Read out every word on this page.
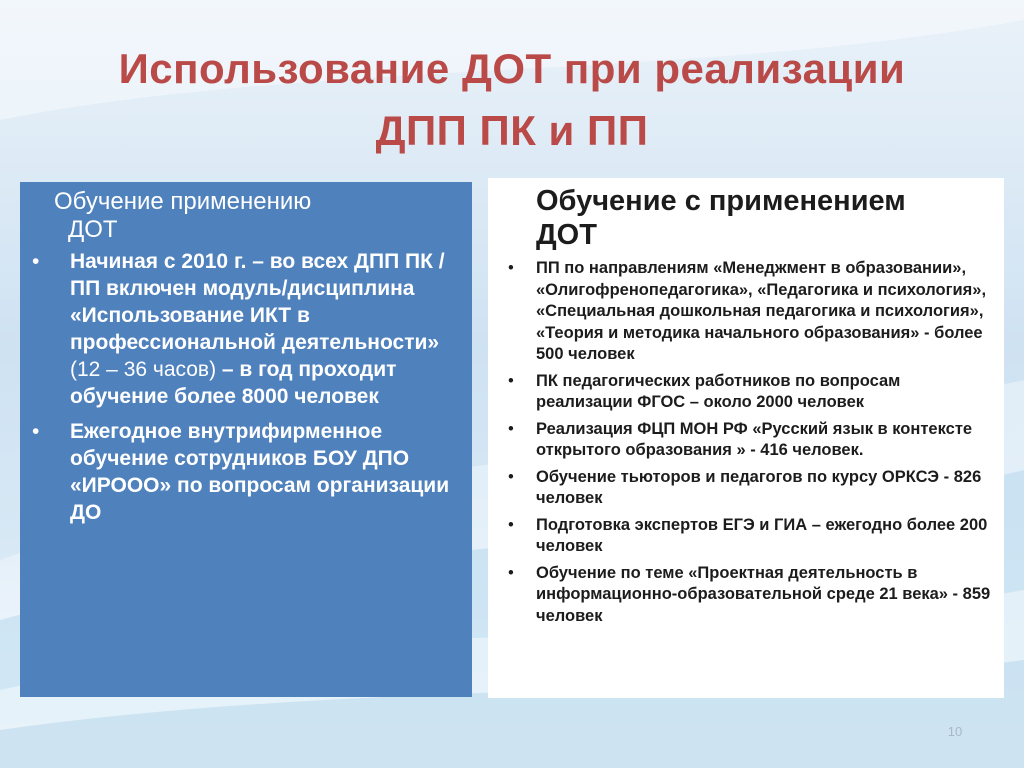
Использование ДОТ при реализации
ДПП ПК и ПП
Обучение применению
ДОТ
• Начиная с 2010 г. – во всех ДПП ПК / ПП включен модуль/дисциплина «Использование ИКТ в профессиональной деятельности» (12 – 36 часов) – в год проходит обучение более 8000 человек
• Ежегодное внутрифирменное обучение сотрудников БОУ ДПО «ИРООО» по вопросам организации ДО
Обучение с применением
ДОТ
• ПП по направлениям «Менеджмент в образовании», «Олигофренопедагогика», «Педагогика и психология», «Специальная дошкольная педагогика и психология», «Теория и методика начального образования» - более 500 человек
• ПК педагогических работников по вопросам реализации ФГОС – около 2000 человек
• Реализация ФЦП МОН РФ «Русский язык в контексте открытого образования » - 416 человек.
• Обучение тьюторов и педагогов по курсу ОРКСЭ - 826 человек
• Подготовка экспертов ЕГЭ и ГИА – ежегодно более 200 человек
• Обучение по теме «Проектная деятельность в информационно-образовательной среде 21 века» - 859 человек
10
